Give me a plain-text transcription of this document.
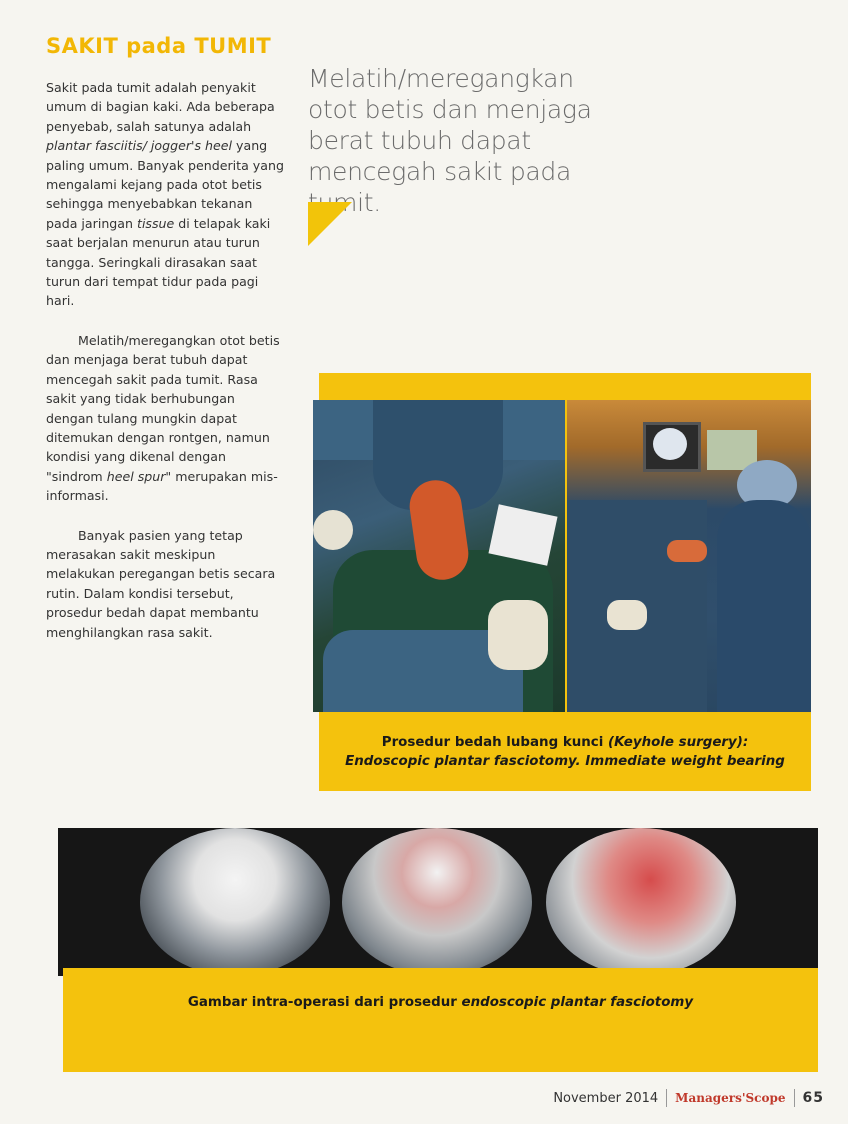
SAKIT pada TUMIT

Sakit pada tumit adalah penyakit umum di bagian kaki. Ada beberapa penyebab, salah satunya adalah plantar fasciitis/ jogger's heel yang paling umum. Banyak penderita yang mengalami kejang pada otot betis sehingga menyebabkan tekanan pada jaringan tissue di telapak kaki saat berjalan menurun atau turun tangga. Seringkali dirasakan saat turun dari tempat tidur pada pagi hari.

Melatih/meregangkan otot betis dan menjaga berat tubuh dapat mencegah sakit pada tumit. Rasa sakit yang tidak berhubungan dengan tulang mungkin dapat ditemukan dengan rontgen, namun kondisi yang dikenal dengan "sindrom heel spur" merupakan mis-informasi.

Banyak pasien yang tetap merasakan sakit meskipun melakukan peregangan betis secara rutin. Dalam kondisi tersebut, prosedur bedah dapat membantu menghilangkan rasa sakit.

Melatih/meregangkan otot betis dan menjaga berat tubuh dapat mencegah sakit pada tumit.
Prosedur bedah lubang kunci (Keyhole surgery):
Endoscopic plantar fasciotomy. Immediate weight bearing
Gambar intra-operasi dari prosedur endoscopic plantar fasciotomy
November 2014 Managers'Scope 65
